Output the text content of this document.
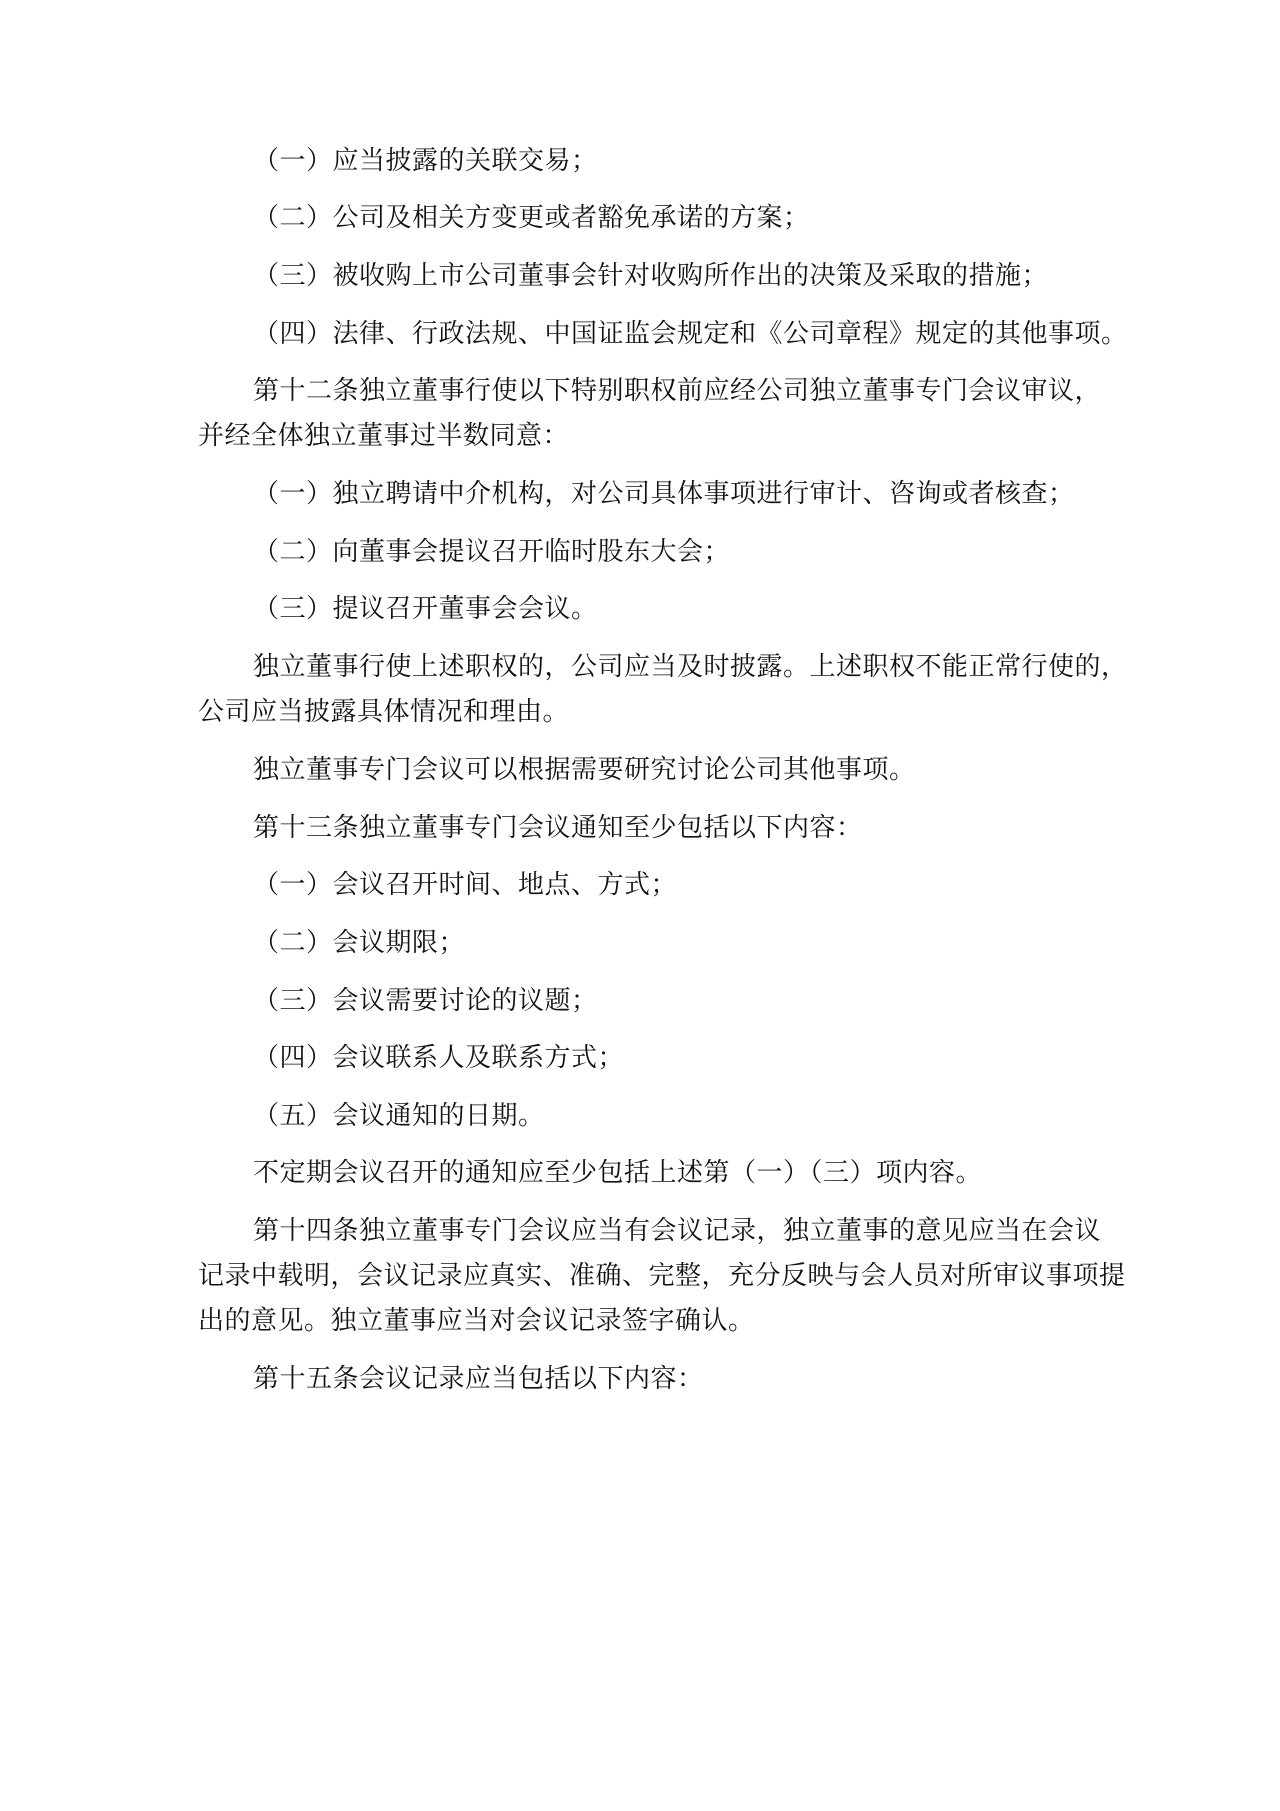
（一）应当披露的关联交易；
（二）公司及相关方变更或者豁免承诺的方案；
（三）被收购上市公司董事会针对收购所作出的决策及采取的措施；
（四）法律、行政法规、中国证监会规定和《公司章程》规定的其他事项。
第十二条独立董事行使以下特别职权前应经公司独立董事专门会议审议，
并经全体独立董事过半数同意：
（一）独立聘请中介机构，对公司具体事项进行审计、咨询或者核查；
（二）向董事会提议召开临时股东大会；
（三）提议召开董事会会议。
独立董事行使上述职权的，公司应当及时披露。上述职权不能正常行使的，
公司应当披露具体情况和理由。
独立董事专门会议可以根据需要研究讨论公司其他事项。
第十三条独立董事专门会议通知至少包括以下内容：
（一）会议召开时间、地点、方式；
（二）会议期限；
（三）会议需要讨论的议题；
（四）会议联系人及联系方式；
（五）会议通知的日期。
不定期会议召开的通知应至少包括上述第（一）（三）项内容。
第十四条独立董事专门会议应当有会议记录，独立董事的意见应当在会议
记录中载明，会议记录应真实、准确、完整，充分反映与会人员对所审议事项提
出的意见。独立董事应当对会议记录签字确认。
第十五条会议记录应当包括以下内容：
